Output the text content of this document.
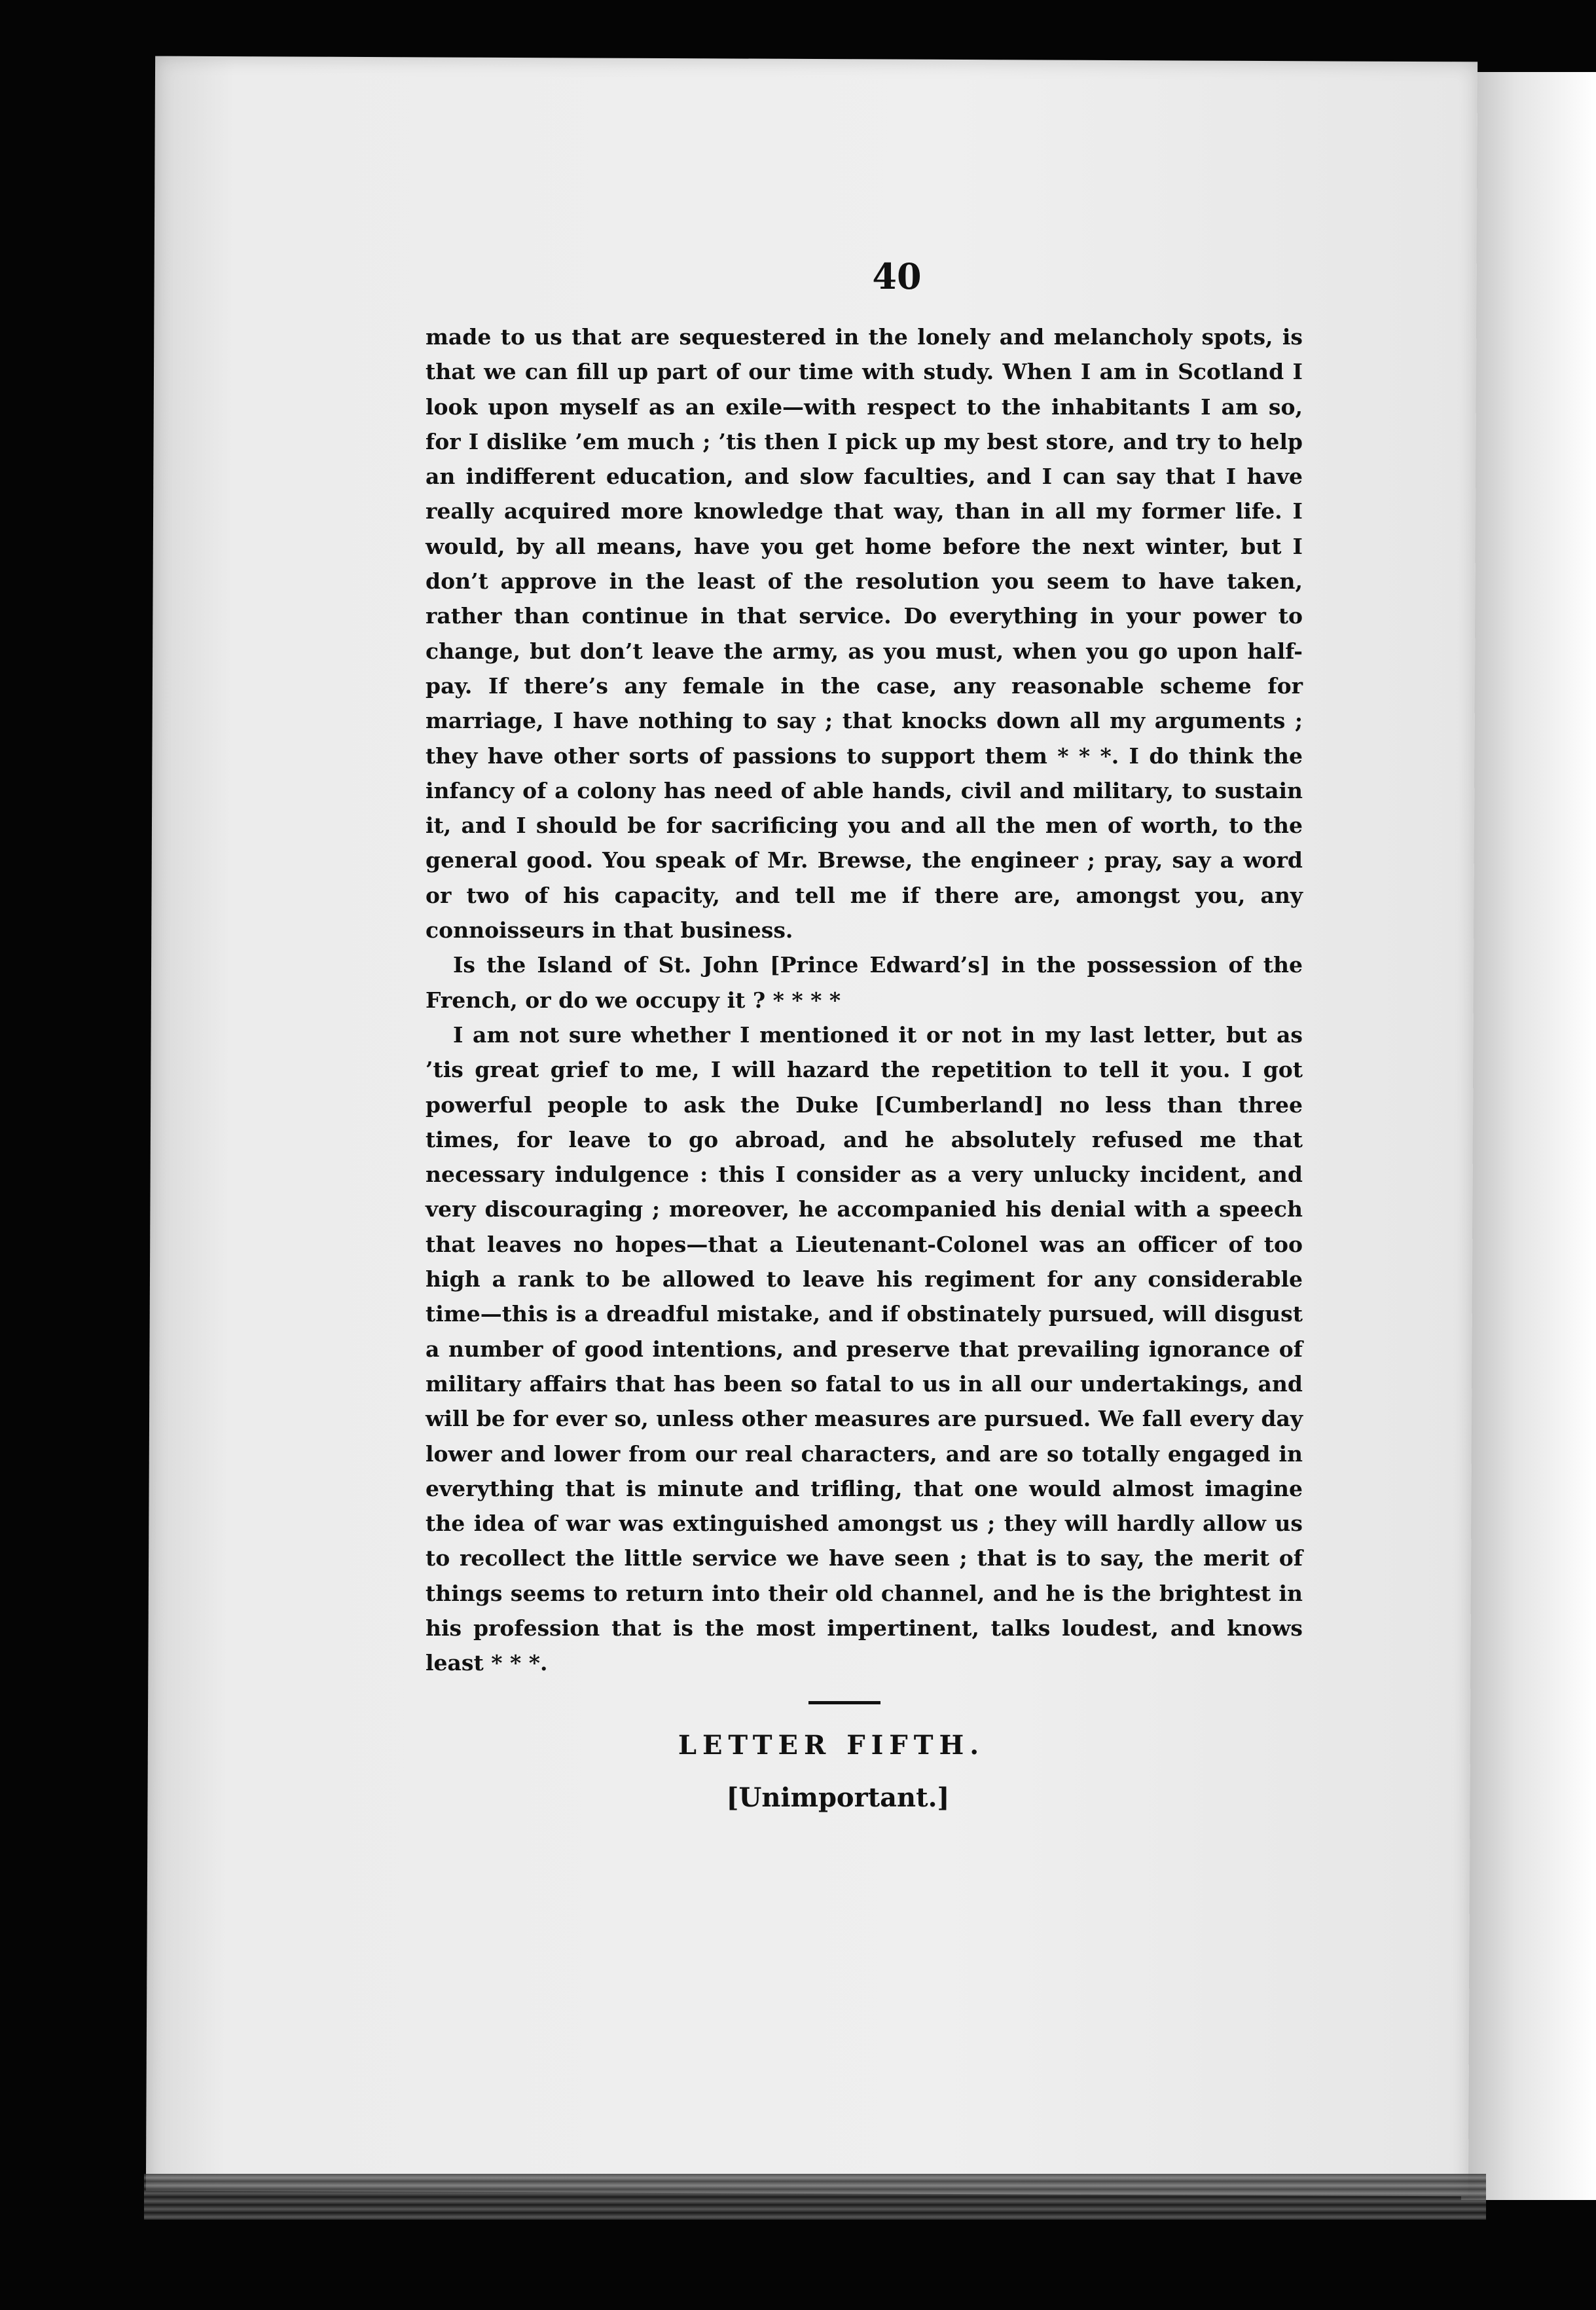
40

made to us that are sequestered in the lonely and melancholy spots, is that we can fill up part of our time with study. When I am in Scotland I look upon myself as an exile—with respect to the inhabitants I am so, for I dislike ’em much ; ’tis then I pick up my best store, and try to help an indifferent education, and slow faculties, and I can say that I have really acquired more knowledge that way, than in all my former life. I would, by all means, have you get home before the next winter, but I don’t approve in the least of the resolution you seem to have taken, rather than continue in that service. Do everything in your power to change, but don’t leave the army, as you must, when you go upon half-pay. If there’s any female in the case, any reasonable scheme for marriage, I have nothing to say ; that knocks down all my arguments ; they have other sorts of passions to support them * * *. I do think the infancy of a colony has need of able hands, civil and military, to sustain it, and I should be for sacrificing you and all the men of worth, to the general good. You speak of Mr. Brewse, the engineer ; pray, say a word or two of his capacity, and tell me if there are, amongst you, any connoisseurs in that business.

Is the Island of St. John [Prince Edward’s] in the possession of the French, or do we occupy it ? * * * *

I am not sure whether I mentioned it or not in my last letter, but as ’tis great grief to me, I will hazard the repetition to tell it you. I got powerful people to ask the Duke [Cumberland] no less than three times, for leave to go abroad, and he absolutely refused me that necessary indulgence : this I consider as a very unlucky incident, and very discouraging ; moreover, he accompanied his denial with a speech that leaves no hopes—that a Lieutenant-Colonel was an officer of too high a rank to be allowed to leave his regiment for any considerable time—this is a dreadful mistake, and if obstinately pursued, will disgust a number of good intentions, and preserve that prevailing ignorance of military affairs that has been so fatal to us in all our undertakings, and will be for ever so, unless other measures are pursued. We fall every day lower and lower from our real characters, and are so totally engaged in everything that is minute and trifling, that one would almost imagine the idea of war was extinguished amongst us ; they will hardly allow us to recollect the little service we have seen ; that is to say, the merit of things seems to return into their old channel, and he is the brightest in his profession that is the most impertinent, talks loudest, and knows least * * *.

LETTER FIFTH.
[Unimportant.]
